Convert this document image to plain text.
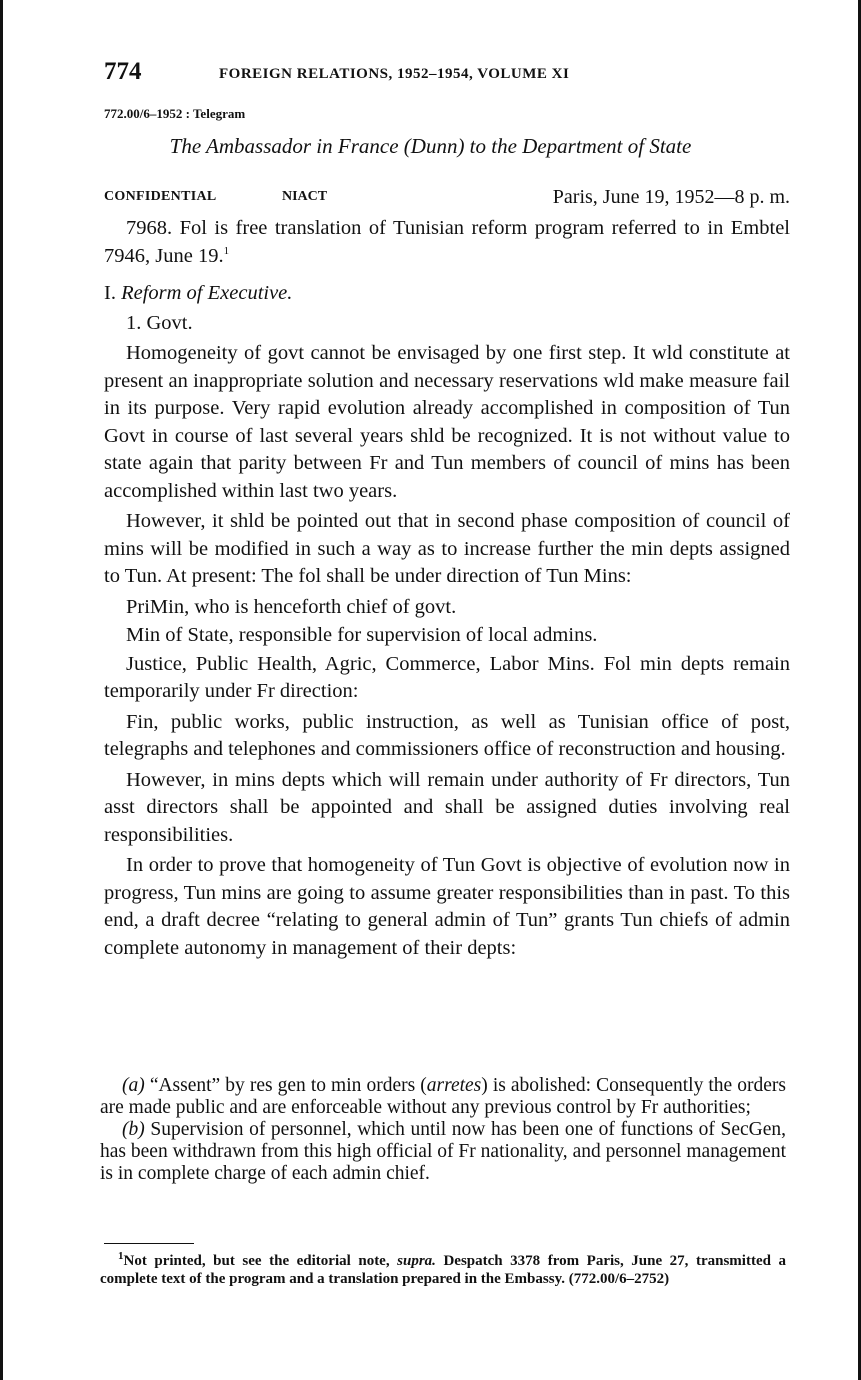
774	FOREIGN RELATIONS, 1952–1954, VOLUME XI
772.00/6–1952 : Telegram
The Ambassador in France (Dunn) to the Department of State
CONFIDENTIAL	NIACT	Paris, June 19, 1952—8 p. m.

7968. Fol is free translation of Tunisian reform program referred to in Embtel 7946, June 19.$^1$

I. Reform of Executive.

1. Govt.

Homogeneity of govt cannot be envisaged by one first step. It wld constitute at present an inappropriate solution and necessary reservations wld make measure fail in its purpose. Very rapid evolution already accomplished in composition of Tun Govt in course of last several years shld be recognized. It is not without value to state again that parity between Fr and Tun members of council of mins has been accomplished within last two years.

However, it shld be pointed out that in second phase composition of council of mins will be modified in such a way as to increase further the min depts assigned to Tun. At present: The fol shall be under direction of Tun Mins:

PriMin, who is henceforth chief of govt.

Min of State, responsible for supervision of local admins.

Justice, Public Health, Agric, Commerce, Labor Mins. Fol min depts remain temporarily under Fr direction:

Fin, public works, public instruction, as well as Tunisian office of post, telegraphs and telephones and commissioners office of reconstruction and housing.

However, in mins depts which will remain under authority of Fr directors, Tun asst directors shall be appointed and shall be assigned duties involving real responsibilities.

In order to prove that homogeneity of Tun Govt is objective of evolution now in progress, Tun mins are going to assume greater responsibilities than in past. To this end, a draft decree “relating to general admin of Tun” grants Tun chiefs of admin complete autonomy in management of their depts:

(a) “Assent” by res gen to min orders (arretes) is abolished: Consequently the orders are made public and are enforceable without any previous control by Fr authorities;

(b) Supervision of personnel, which until now has been one of functions of SecGen, has been withdrawn from this high official of Fr nationality, and personnel management is in complete charge of each admin chief.

$^1$Not printed, but see the editorial note, supra. Despatch 3378 from Paris, June 27, transmitted a complete text of the program and a translation prepared in the Embassy. (772.00/6–2752)
